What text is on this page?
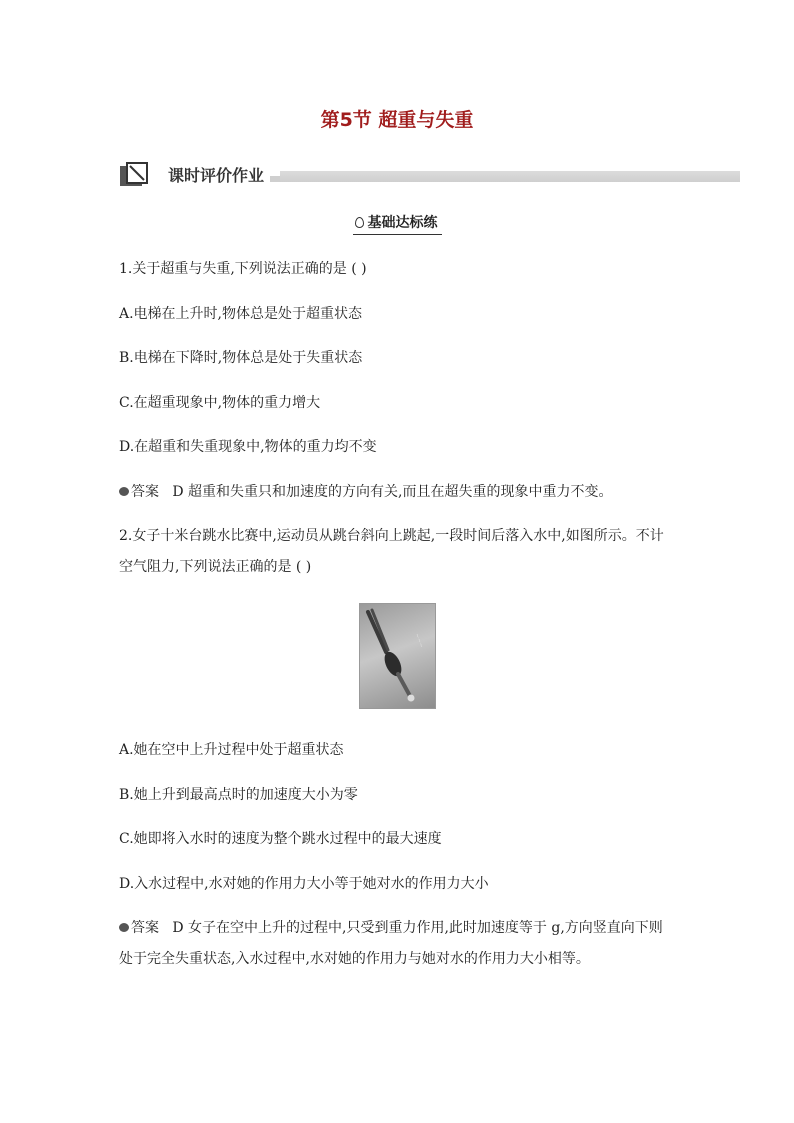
第5节 超重与失重
课时评价作业
基础达标练
1.关于超重与失重,下列说法正确的是 ( )
A.电梯在上升时,物体总是处于超重状态
B.电梯在下降时,物体总是处于失重状态
C.在超重现象中,物体的重力增大
D.在超重和失重现象中,物体的重力均不变
答案 D 超重和失重只和加速度的方向有关,而且在超失重的现象中重力不变。
2.女子十米台跳水比赛中,运动员从跳台斜向上跳起,一段时间后落入水中,如图所示。不计
空气阻力,下列说法正确的是 ( )
~~~
A.她在空中上升过程中处于超重状态
B.她上升到最高点时的加速度大小为零
C.她即将入水时的速度为整个跳水过程中的最大速度
D.入水过程中,水对她的作用力大小等于她对水的作用力大小
答案 D 女子在空中上升的过程中,只受到重力作用,此时加速度等于 g,方向竖直向下则
处于完全失重状态,入水过程中,水对她的作用力与她对水的作用力大小相等。
